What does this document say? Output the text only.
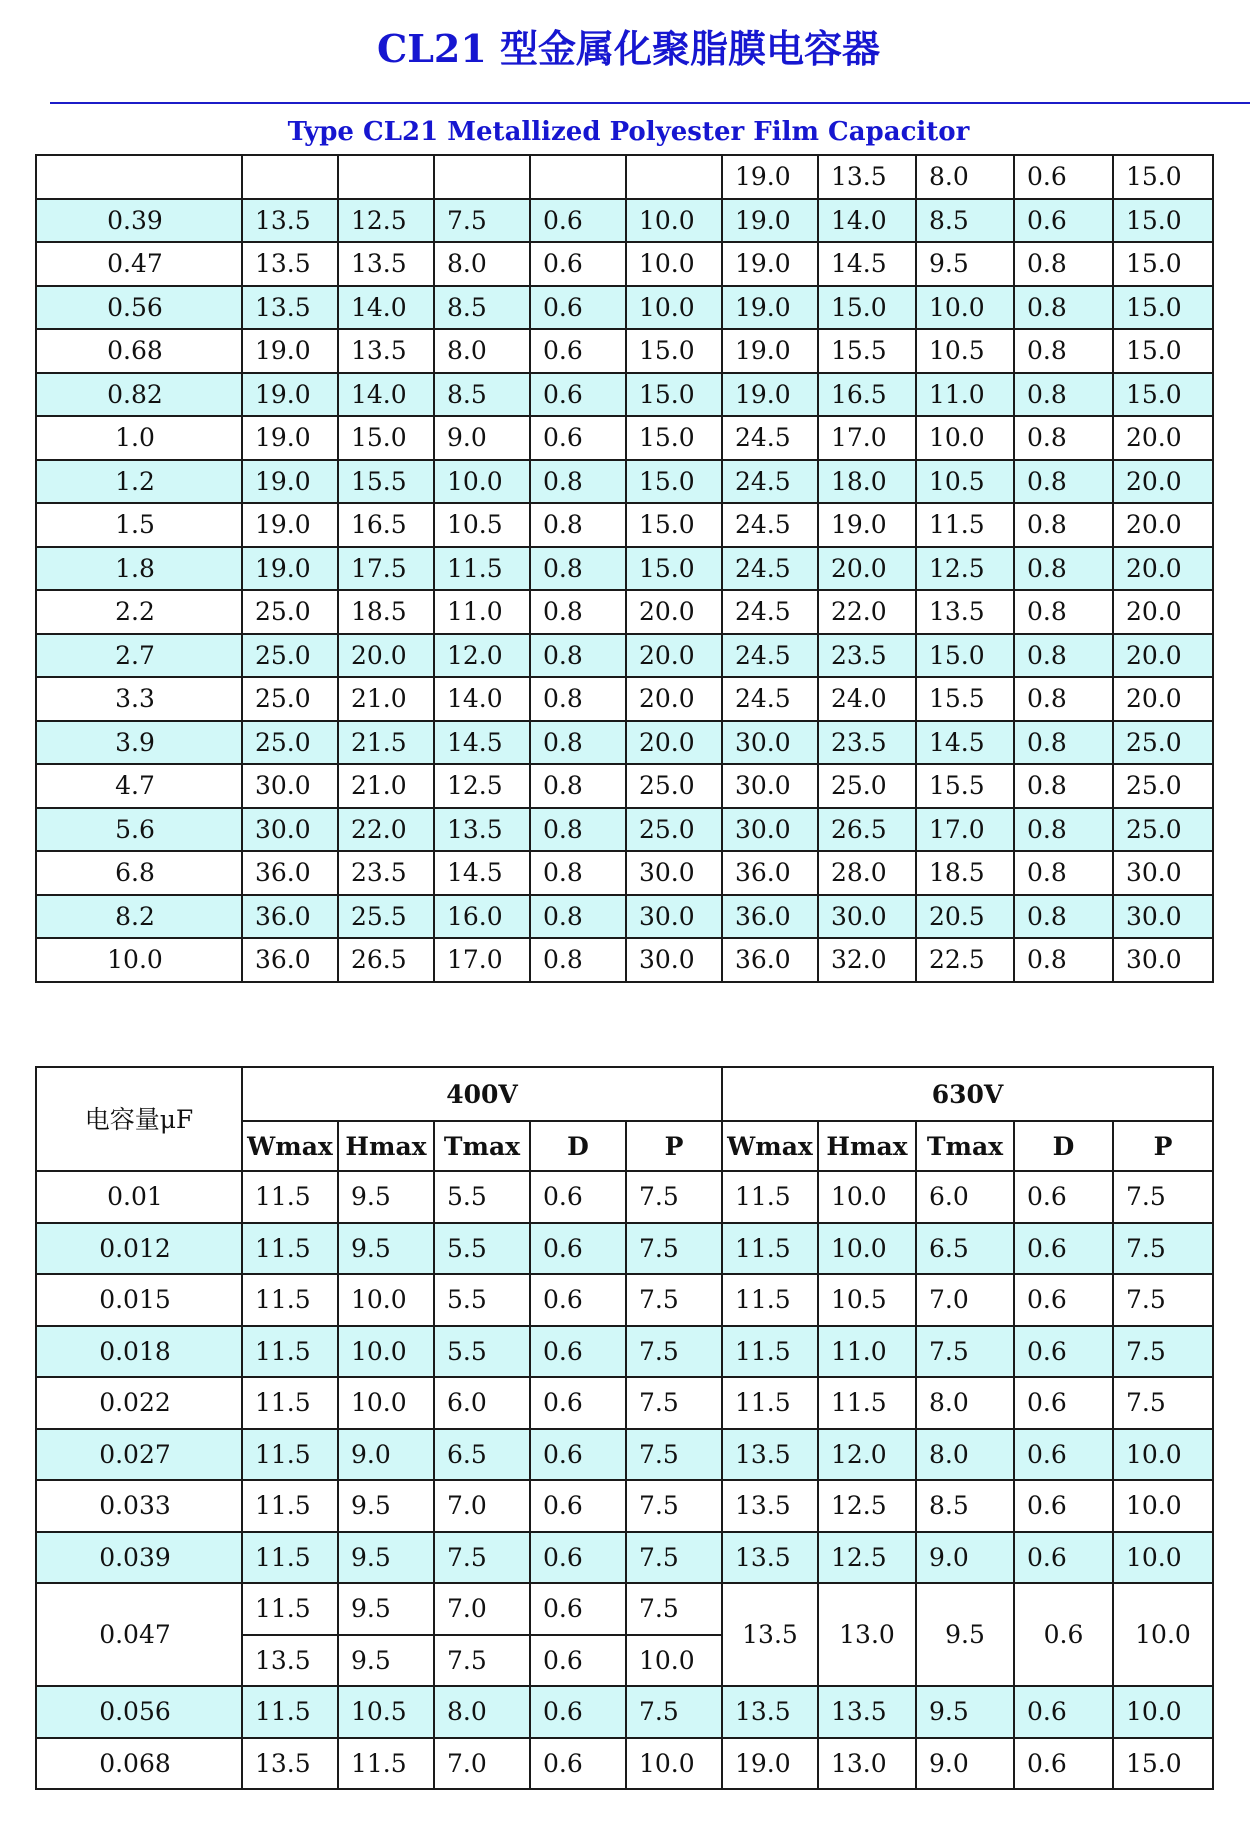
CL21 型金属化聚脂膜电容器
Type CL21 Metallized Polyester Film Capacitor
						19.0	13.5	8.0	0.6	15.0
0.39	13.5	12.5	7.5	0.6	10.0	19.0	14.0	8.5	0.6	15.0
0.47	13.5	13.5	8.0	0.6	10.0	19.0	14.5	9.5	0.8	15.0
0.56	13.5	14.0	8.5	0.6	10.0	19.0	15.0	10.0	0.8	15.0
0.68	19.0	13.5	8.0	0.6	15.0	19.0	15.5	10.5	0.8	15.0
0.82	19.0	14.0	8.5	0.6	15.0	19.0	16.5	11.0	0.8	15.0
1.0	19.0	15.0	9.0	0.6	15.0	24.5	17.0	10.0	0.8	20.0
1.2	19.0	15.5	10.0	0.8	15.0	24.5	18.0	10.5	0.8	20.0
1.5	19.0	16.5	10.5	0.8	15.0	24.5	19.0	11.5	0.8	20.0
1.8	19.0	17.5	11.5	0.8	15.0	24.5	20.0	12.5	0.8	20.0
2.2	25.0	18.5	11.0	0.8	20.0	24.5	22.0	13.5	0.8	20.0
2.7	25.0	20.0	12.0	0.8	20.0	24.5	23.5	15.0	0.8	20.0
3.3	25.0	21.0	14.0	0.8	20.0	24.5	24.0	15.5	0.8	20.0
3.9	25.0	21.5	14.5	0.8	20.0	30.0	23.5	14.5	0.8	25.0
4.7	30.0	21.0	12.5	0.8	25.0	30.0	25.0	15.5	0.8	25.0
5.6	30.0	22.0	13.5	0.8	25.0	30.0	26.5	17.0	0.8	25.0
6.8	36.0	23.5	14.5	0.8	30.0	36.0	28.0	18.5	0.8	30.0
8.2	36.0	25.5	16.0	0.8	30.0	36.0	30.0	20.5	0.8	30.0
10.0	36.0	26.5	17.0	0.8	30.0	36.0	32.0	22.5	0.8	30.0
电容量μF	400V					630V				
	Wmax	Hmax	Tmax	D	P	Wmax	Hmax	Tmax	D	P
0.01	11.5	9.5	5.5	0.6	7.5	11.5	10.0	6.0	0.6	7.5
0.012	11.5	9.5	5.5	0.6	7.5	11.5	10.0	6.5	0.6	7.5
0.015	11.5	10.0	5.5	0.6	7.5	11.5	10.5	7.0	0.6	7.5
0.018	11.5	10.0	5.5	0.6	7.5	11.5	11.0	7.5	0.6	7.5
0.022	11.5	10.0	6.0	0.6	7.5	11.5	11.5	8.0	0.6	7.5
0.027	11.5	9.0	6.5	0.6	7.5	13.5	12.0	8.0	0.6	10.0
0.033	11.5	9.5	7.0	0.6	7.5	13.5	12.5	8.5	0.6	10.0
0.039	11.5	9.5	7.5	0.6	7.5	13.5	12.5	9.0	0.6	10.0
0.047	11.5	9.5	7.0	0.6	7.5	13.5	13.0	9.5	0.6	10.0
	13.5	9.5	7.5	0.6	10.0					
0.056	11.5	10.5	8.0	0.6	7.5	13.5	13.5	9.5	0.6	10.0
0.068	13.5	11.5	7.0	0.6	10.0	19.0	13.0	9.0	0.6	15.0
